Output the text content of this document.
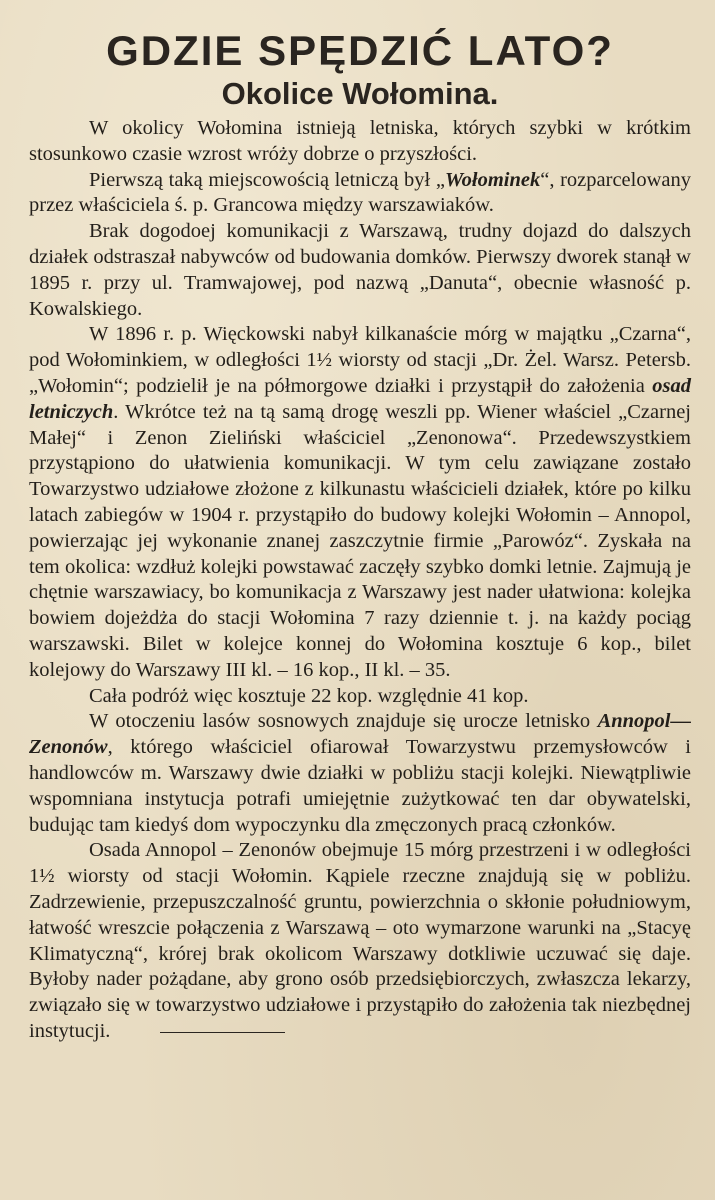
GDZIE SPĘDZIĆ LATO?
Okolice Wołomina.

W okolicy Wołomina istnieją letniska, których szybki w krótkim stosunkowo czasie wzrost wróży dobrze o przyszłości.

Pierwszą taką miejscowością letniczą był „Wołominek“, rozparcelowany przez właściciela ś. p. Grancowa między warszawiaków.

Brak dogodoej komunikacji z Warszawą, trudny dojazd do dalszych działek odstraszał nabywców od budowania domków. Pierwszy dworek stanął w 1895 r. przy ul. Tramwajowej, pod nazwą „Danuta“, obecnie własność p. Kowalskiego.

W 1896 r. p. Więckowski nabył kilkanaście mórg w majątku „Czarna“, pod Wołominkiem, w odległości 1½ wiorsty od stacji „Dr. Żel. Warsz. Petersb. „Wołomin“; podzielił je na półmorgowe działki i przystąpił do założenia osad letniczych. Wkrótce też na tą samą drogę weszli pp. Wiener właściel „Czarnej Małej“ i Zenon Zieliński właściciel „Zenonowa“. Przedewszystkiem przystąpiono do ułatwienia komunikacji. W tym celu zawiązane zostało Towarzystwo udziałowe złożone z kilkunastu właścicieli działek, które po kilku latach zabiegów w 1904 r. przystąpiło do budowy kolejki Wołomin – Annopol, powierzając jej wykonanie znanej zaszczytnie firmie „Parowóz“. Zyskała na tem okolica: wzdłuż kolejki powstawać zaczęły szybko domki letnie. Zajmują je chętnie warszawiacy, bo komunikacja z Warszawy jest nader ułatwiona: kolejka bowiem dojeżdża do stacji Wołomina 7 razy dziennie t. j. na każdy pociąg warszawski. Bilet w kolejce konnej do Wołomina kosztuje 6 kop., bilet kolejowy do Warszawy III kl. – 16 kop., II kl. – 35.

Cała podróż więc kosztuje 22 kop. względnie 41 kop.

W otoczeniu lasów sosnowych znajduje się urocze letnisko Annopol—Zenonów, którego właściciel ofiarował Towarzystwu przemysłowców i handlowców m. Warszawy dwie działki w pobliżu stacji kolejki. Niewątpliwie wspomniana instytucja potrafi umiejętnie zużytkować ten dar obywatelski, budując tam kiedyś dom wypoczynku dla zmęczonych pracą członków.

Osada Annopol – Zenonów obejmuje 15 mórg przestrzeni i w odległości 1½ wiorsty od stacji Wołomin. Kąpiele rzeczne znajdują się w pobliżu. Zadrzewienie, przepuszczalność gruntu, powierzchnia o skłonie południowym, łatwość wreszcie połączenia z Warszawą – oto wymarzone warunki na „Stacyę Klimatyczną“, krórej brak okolicom Warszawy dotkliwie uczuwać się daje. Byłoby nader pożądane, aby grono osób przedsiębiorczych, zwłaszcza lekarzy, związało się w towarzystwo udziałowe i przystąpiło do założenia tak niezbędnej instytucji.
